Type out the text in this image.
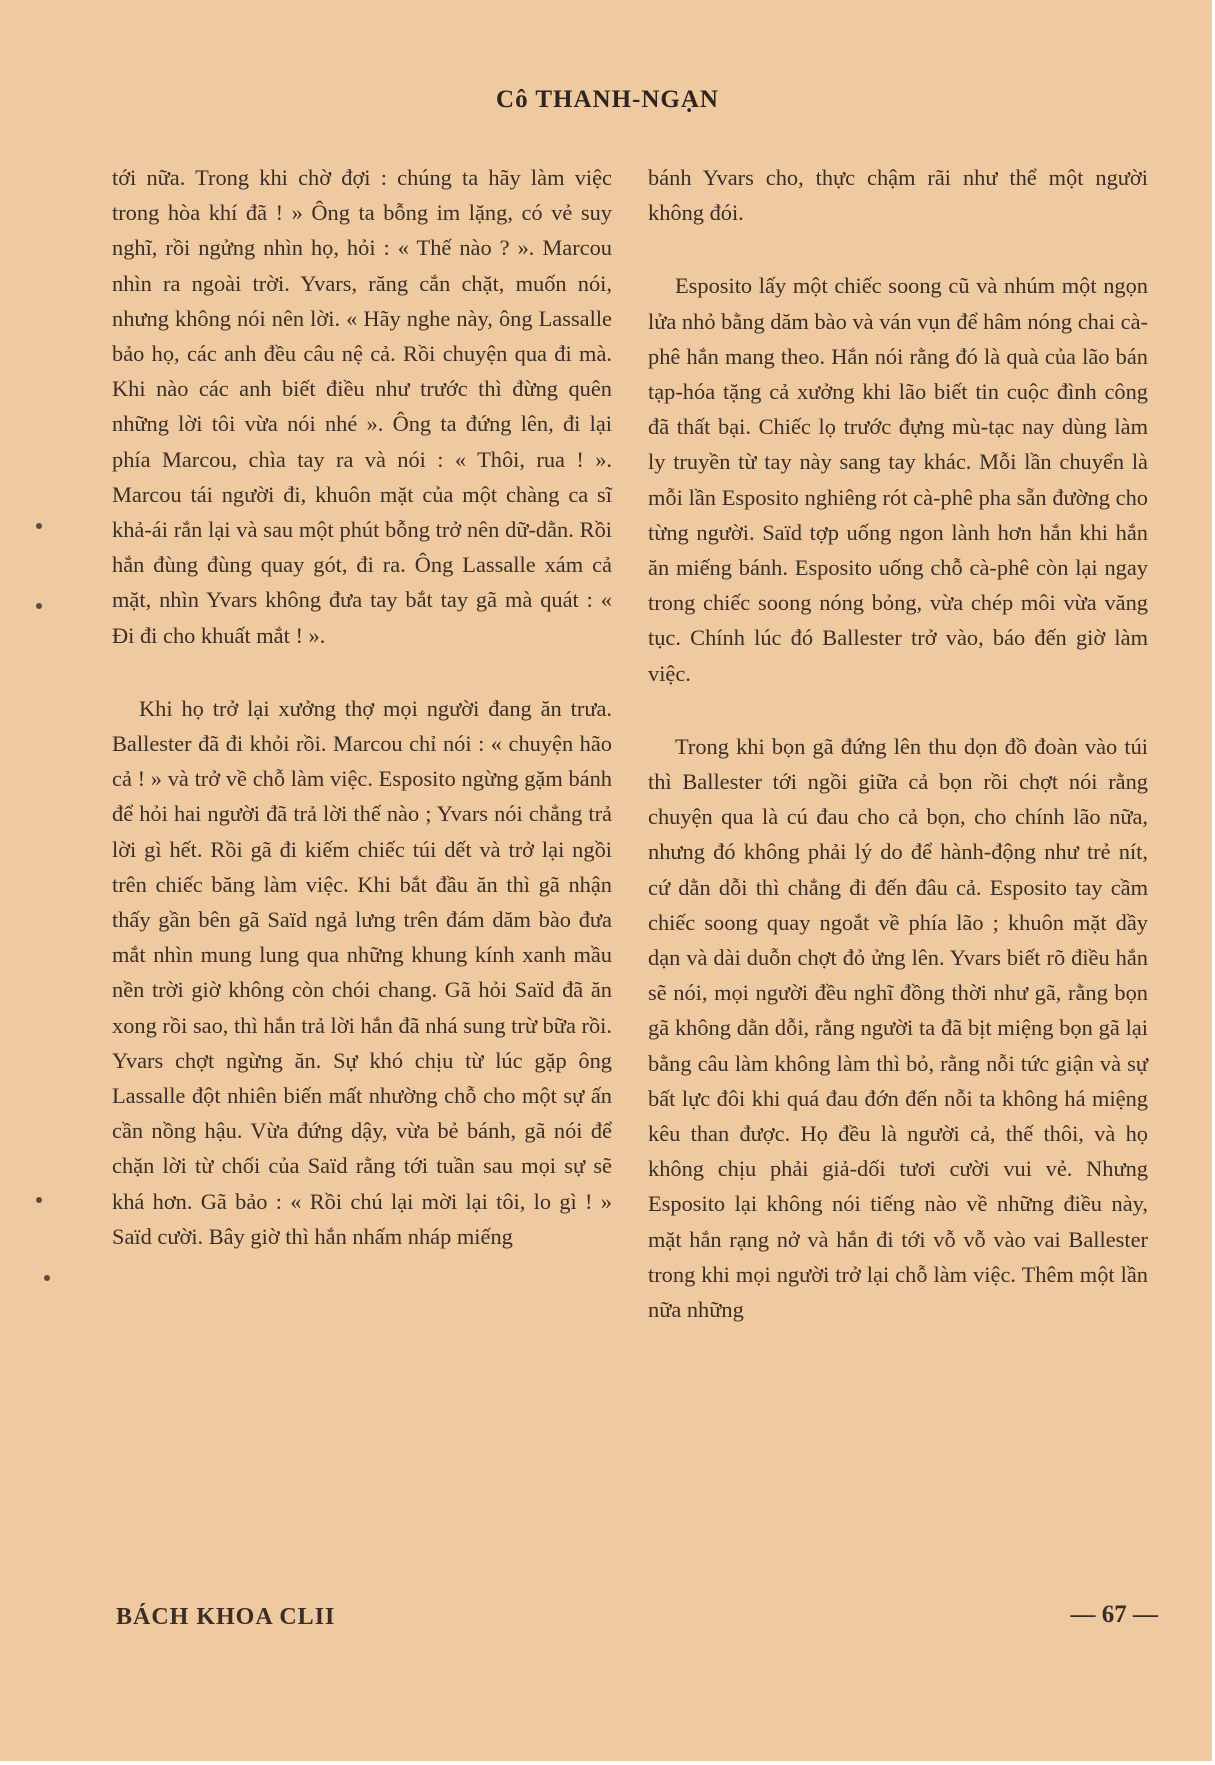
Cô THANH-NGẠN

tới nữa. Trong khi chờ đợi : chúng ta hãy làm việc trong hòa khí đã ! » Ông ta bỗng im lặng, có vẻ suy nghĩ, rồi ngửng nhìn họ, hỏi : « Thế nào ? ». Marcou nhìn ra ngoài trời. Yvars, răng cắn chặt, muốn nói, nhưng không nói nên lời. « Hãy nghe này, ông Lassalle bảo họ, các anh đều câu nệ cả. Rồi chuyện qua đi mà. Khi nào các anh biết điều như trước thì đừng quên những lời tôi vừa nói nhé ». Ông ta đứng lên, đi lại phía Marcou, chìa tay ra và nói : « Thôi, rua ! ». Marcou tái người đi, khuôn mặt của một chàng ca sĩ khả-ái rắn lại và sau một phút bỗng trở nên dữ-dằn. Rồi hắn đùng đùng quay gót, đi ra. Ông Lassalle xám cả mặt, nhìn Yvars không đưa tay bắt tay gã mà quát : « Đi đi cho khuất mắt ! ».

Khi họ trở lại xưởng thợ mọi người đang ăn trưa. Ballester đã đi khỏi rồi. Marcou chỉ nói : « chuyện hão cả ! » và trở về chỗ làm việc. Esposito ngừng gặm bánh để hỏi hai người đã trả lời thế nào ; Yvars nói chẳng trả lời gì hết. Rồi gã đi kiếm chiếc túi dết và trở lại ngồi trên chiếc băng làm việc. Khi bắt đầu ăn thì gã nhận thấy gần bên gã Saïd ngả lưng trên đám dăm bào đưa mắt nhìn mung lung qua những khung kính xanh mầu nền trời giờ không còn chói chang. Gã hỏi Saïd đã ăn xong rồi sao, thì hắn trả lời hắn đã nhá sung trừ bữa rồi. Yvars chợt ngừng ăn. Sự khó chịu từ lúc gặp ông Lassalle đột nhiên biến mất nhường chỗ cho một sự ấn cần nồng hậu. Vừa đứng dậy, vừa bẻ bánh, gã nói để chặn lời từ chối của Saïd rằng tới tuần sau mọi sự sẽ khá hơn. Gã bảo : « Rồi chú lại mời lại tôi, lo gì ! » Saïd cười. Bây giờ thì hắn nhấm nháp miếng

bánh Yvars cho, thực chậm rãi như thể một người không đói.

Esposito lấy một chiếc soong cũ và nhúm một ngọn lửa nhỏ bằng dăm bào và ván vụn để hâm nóng chai cà-phê hắn mang theo. Hắn nói rằng đó là quà của lão bán tạp-hóa tặng cả xưởng khi lão biết tin cuộc đình công đã thất bại. Chiếc lọ trước đựng mù-tạc nay dùng làm ly truyền từ tay này sang tay khác. Mỗi lần chuyển là mỗi lần Esposito nghiêng rót cà-phê pha sẵn đường cho từng người. Saïd tợp uống ngon lành hơn hắn khi hắn ăn miếng bánh. Esposito uống chỗ cà-phê còn lại ngay trong chiếc soong nóng bỏng, vừa chép môi vừa văng tục. Chính lúc đó Ballester trở vào, báo đến giờ làm việc.

Trong khi bọn gã đứng lên thu dọn đồ đoàn vào túi thì Ballester tới ngồi giữa cả bọn rồi chợt nói rằng chuyện qua là cú đau cho cả bọn, cho chính lão nữa, nhưng đó không phải lý do để hành-động như trẻ nít, cứ dằn dỗi thì chẳng đi đến đâu cả. Esposito tay cầm chiếc soong quay ngoắt về phía lão ; khuôn mặt dầy dạn và dài duỗn chợt đỏ ửng lên. Yvars biết rõ điều hắn sẽ nói, mọi người đều nghĩ đồng thời như gã, rằng bọn gã không dằn dỗi, rằng người ta đã bịt miệng bọn gã lại bằng câu làm không làm thì bỏ, rằng nỗi tức giận và sự bất lực đôi khi quá đau đớn đến nỗi ta không há miệng kêu than được. Họ đều là người cả, thế thôi, và họ không chịu phải giả-dối tươi cười vui vẻ. Nhưng Esposito lại không nói tiếng nào về những điều này, mặt hắn rạng nở và hắn đi tới vỗ vỗ vào vai Ballester trong khi mọi người trở lại chỗ làm việc. Thêm một lần nữa những

BÁCH KHOA CLII	— 67 —
